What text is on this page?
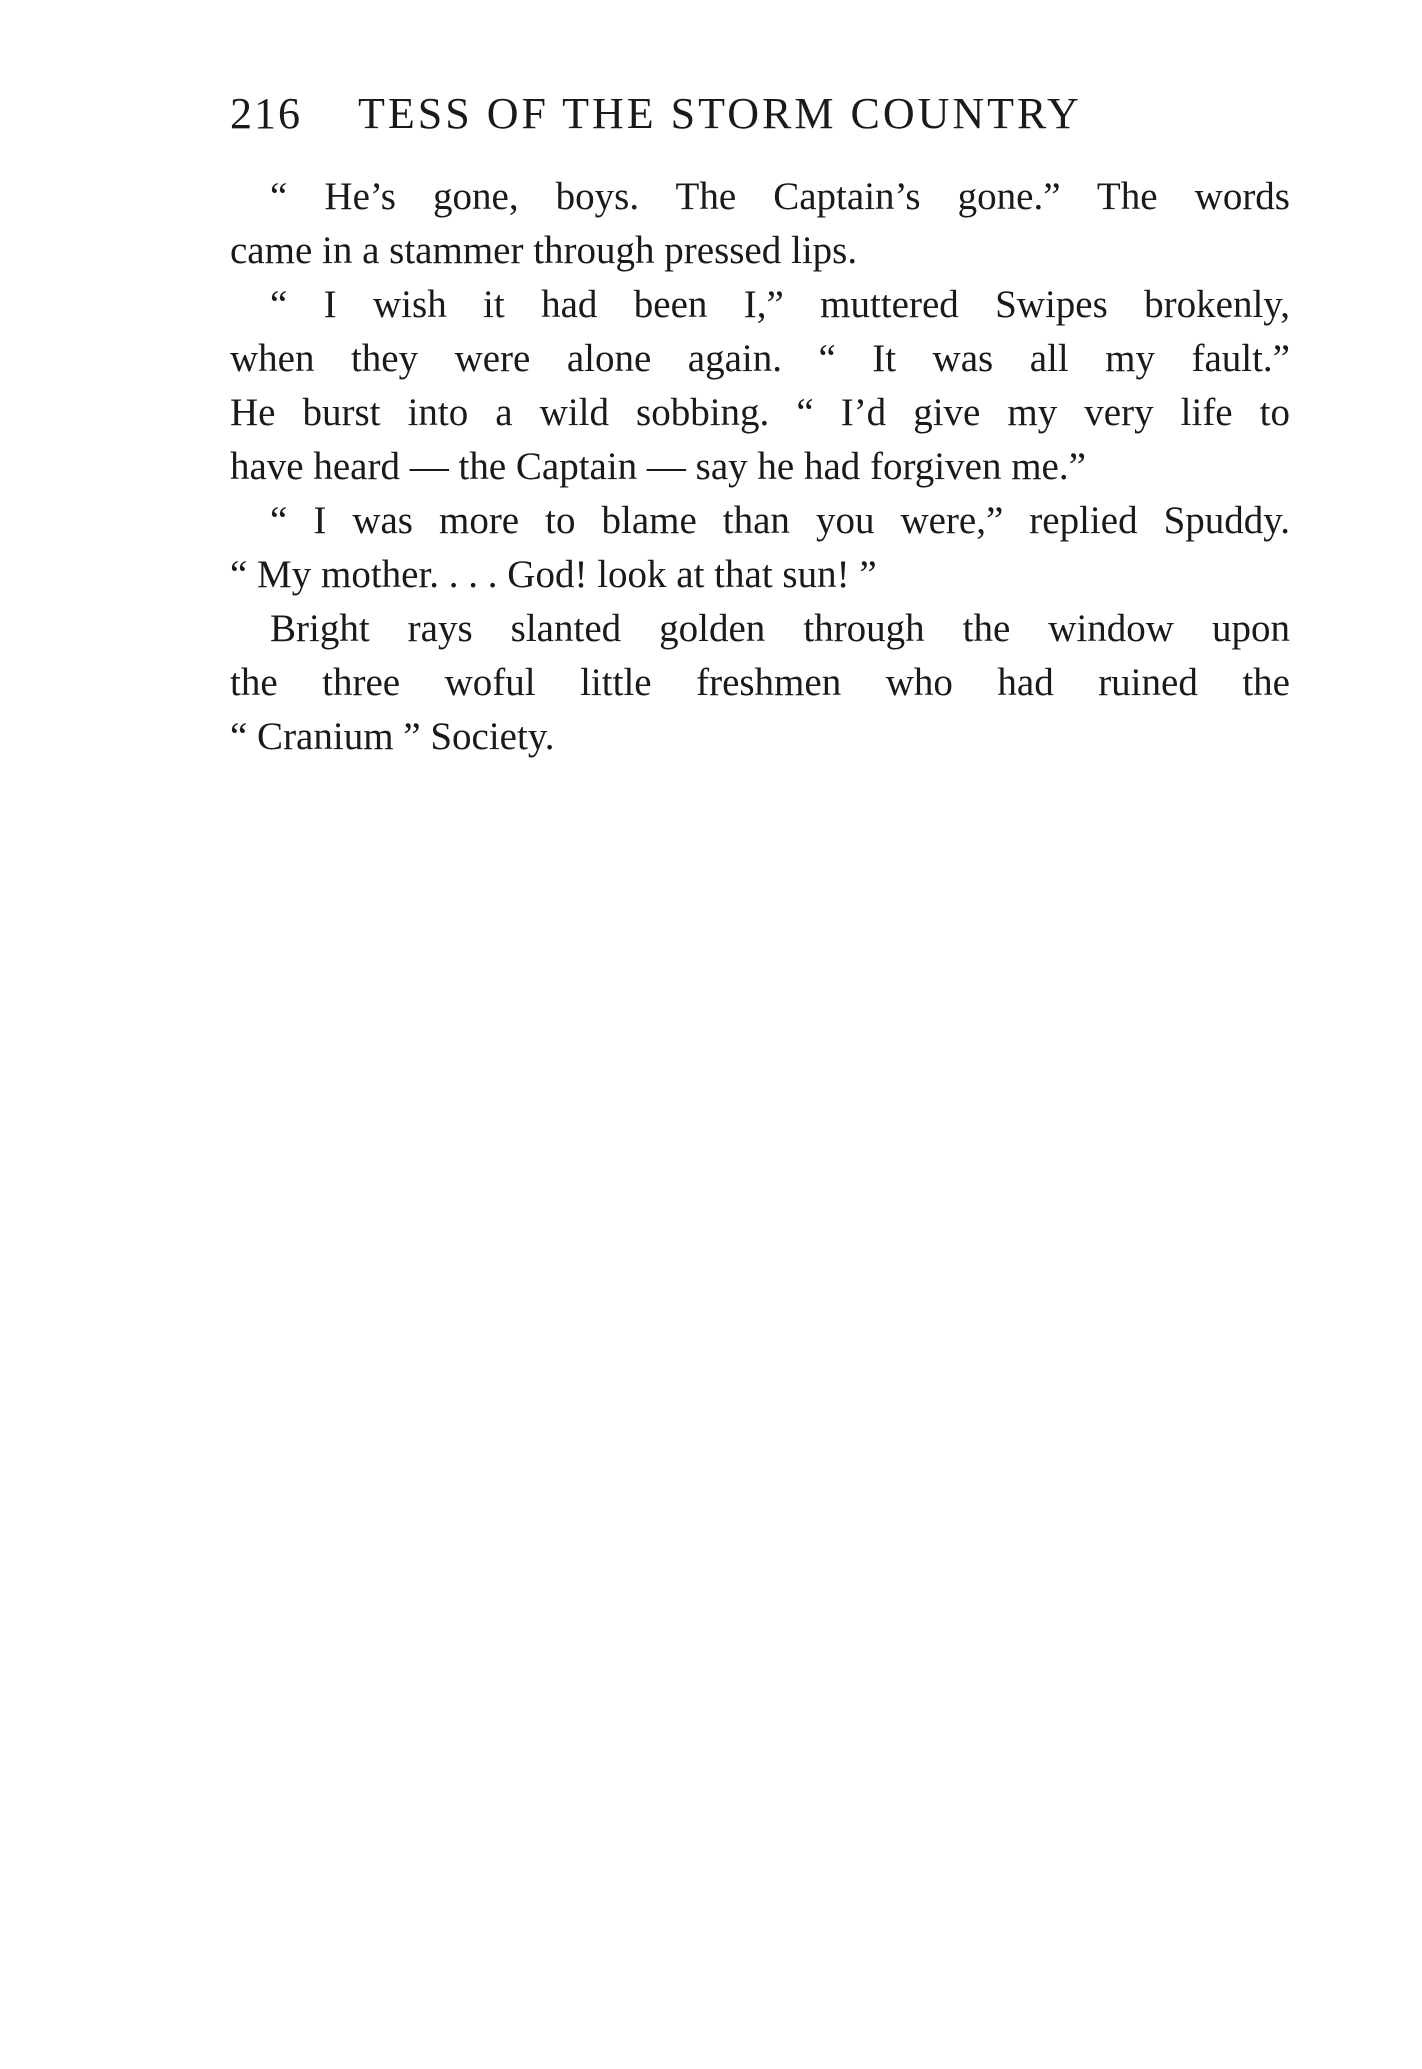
216	TESS OF THE STORM COUNTRY

“ He’s gone, boys. The Captain’s gone.” The words
came in a stammer through pressed lips.

“ I wish it had been I,” muttered Swipes brokenly,
when they were alone again. “ It was all my fault.”
He burst into a wild sobbing. “ I’d give my very life to
have heard — the Captain — say he had forgiven me.”

“ I was more to blame than you were,” replied Spuddy.
“ My mother. . . . God! look at that sun! ”

Bright rays slanted golden through the window upon
the three woful little freshmen who had ruined the
“ Cranium ” Society.
